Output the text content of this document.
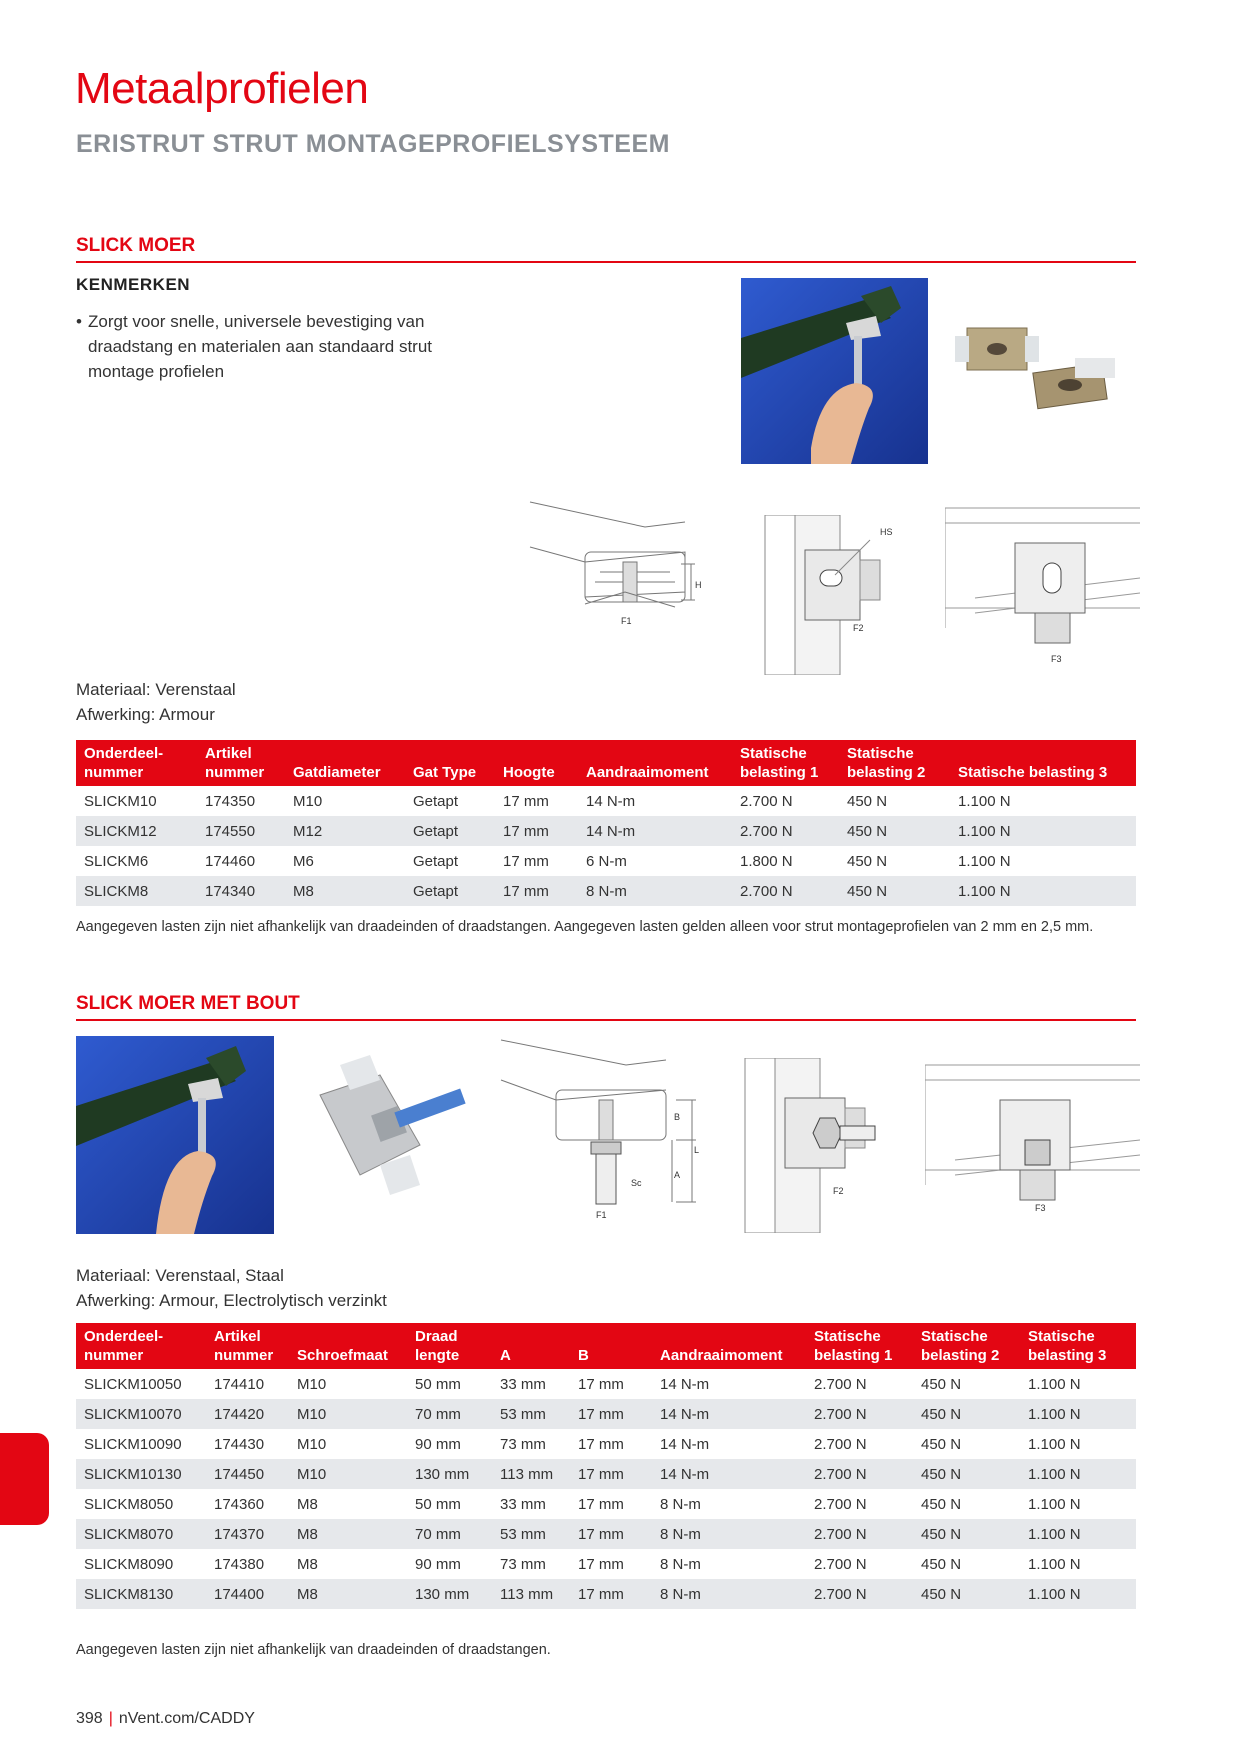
Metaalprofielen
ERISTRUT STRUT MONTAGEPROFIELSYSTEEM
SLICK MOER
KENMERKEN
• Zorgt voor snelle, universele bevestiging van draadstang en materialen aan standaard strut montage profielen
H
F1
HS
F2
F3
Materiaal: Verenstaal
Afwerking: Armour
Onderdeel-
nummer	Artikel
nummer	Gatdiameter	Gat Type	Hoogte	Aandraaimoment	Statische
belasting 1	Statische
belasting 2	Statische belasting 3
SLICKM10	174350	M10	Getapt	17 mm	14 N-m	2.700 N	450 N	1.100 N
SLICKM12	174550	M12	Getapt	17 mm	14 N-m	2.700 N	450 N	1.100 N
SLICKM6	174460	M6	Getapt	17 mm	6 N-m	1.800 N	450 N	1.100 N
SLICKM8	174340	M8	Getapt	17 mm	8 N-m	2.700 N	450 N	1.100 N
Aangegeven lasten zijn niet afhankelijk van draadeinden of draadstangen. Aangegeven lasten gelden alleen voor strut montageprofielen van 2 mm en 2,5 mm.
SLICK MOER MET BOUT
B
L
A
Sc
F1
F2
F3
Materiaal: Verenstaal, Staal
Afwerking: Armour, Electrolytisch verzinkt
Onderdeel-
nummer	Artikel
nummer	Schroefmaat	Draad
lengte	A	B	Aandraaimoment	Statische
belasting 1	Statische
belasting 2	Statische
belasting 3
SLICKM10050	174410	M10	50 mm	33 mm	17 mm	14 N-m	2.700 N	450 N	1.100 N
SLICKM10070	174420	M10	70 mm	53 mm	17 mm	14 N-m	2.700 N	450 N	1.100 N
SLICKM10090	174430	M10	90 mm	73 mm	17 mm	14 N-m	2.700 N	450 N	1.100 N
SLICKM10130	174450	M10	130 mm	113 mm	17 mm	14 N-m	2.700 N	450 N	1.100 N
SLICKM8050	174360	M8	50 mm	33 mm	17 mm	8 N-m	2.700 N	450 N	1.100 N
SLICKM8070	174370	M8	70 mm	53 mm	17 mm	8 N-m	2.700 N	450 N	1.100 N
SLICKM8090	174380	M8	90 mm	73 mm	17 mm	8 N-m	2.700 N	450 N	1.100 N
SLICKM8130	174400	M8	130 mm	113 mm	17 mm	8 N-m	2.700 N	450 N	1.100 N
Aangegeven lasten zijn niet afhankelijk van draadeinden of draadstangen.
398 | nVent.com/CADDY
